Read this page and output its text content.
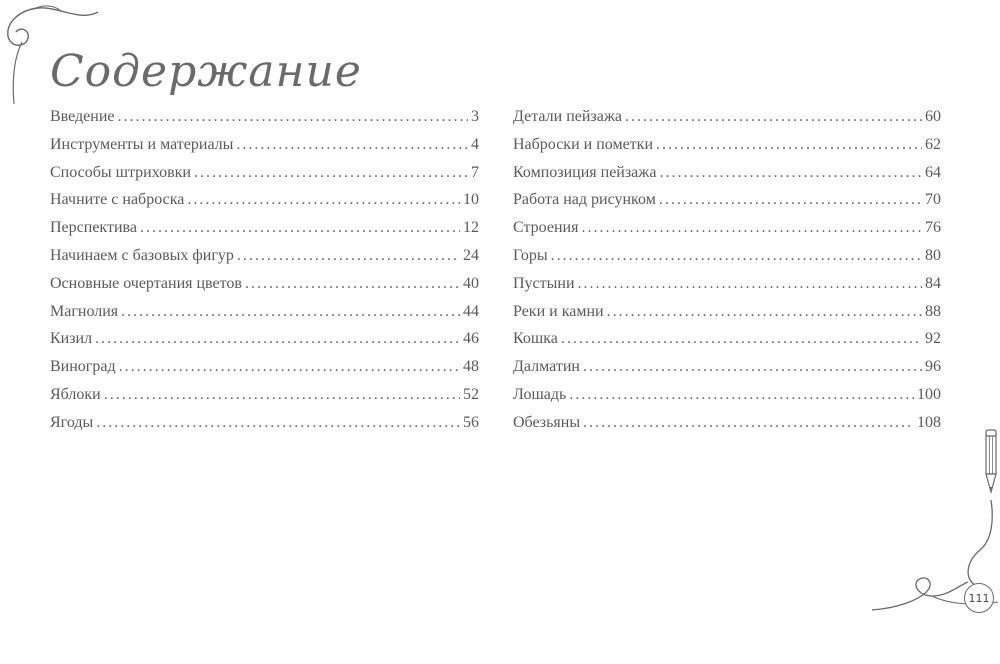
Содержание
Введение .....	3
Инструменты и материалы .....	4
Способы штриховки .....	7
Начните с наброска .....	10
Перспектива .....	12
Начинаем с базовых фигур .....	24
Основные очертания цветов .....	40
Магнолия .....	44
Кизил .....	46
Виноград .....	48
Яблоки .....	52
Ягоды .....	56
Детали пейзажа .....	60
Наброски и пометки .....	62
Композиция пейзажа .....	64
Работа над рисунком .....	70
Строения .....	76
Горы .....	80
Пустыни .....	84
Реки и камни .....	88
Кошка .....	92
Далматин .....	96
Лошадь .....	100
Обезьяны .....	108
111
